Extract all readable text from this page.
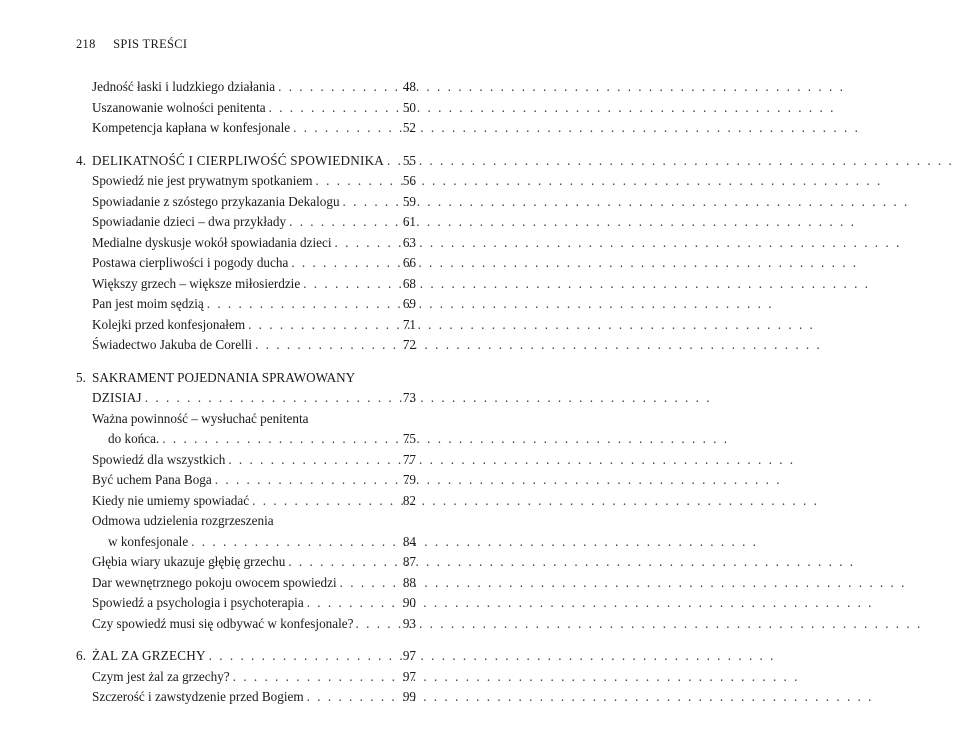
218 SPIS TREŚCI
Jedność łaski i ludzkiego działania . . .	48
Uszanowanie wolności penitenta . . .	50
Kompetencja kapłana w konfesjonale . . .	52
4. DELIKATNOŚĆ I CIERPLIWOŚĆ SPOWIEDNIKA . . . 55
Spowiedź nie jest prywatnym spotkaniem . . .	56
Spowiadanie z szóstego przykazania Dekalogu . . .	59
Spowiadanie dzieci – dwa przykłady . . .	61
Medialne dyskusje wokół spowiadania dzieci . . .	63
Postawa cierpliwości i pogody ducha . . .	66
Większy grzech – większe miłosierdzie . . .	68
Pan jest moim sędzią . . .	69
Kolejki przed konfesjonałem . . .	71
Świadectwo Jakuba de Corelli . . .	72
5. SAKRAMENT POJEDNANIA SPRAWOWANY
DZISIAJ . . .	73
Ważna powinność – wysłuchać penitenta
do końca. . . .	75
Spowiedź dla wszystkich . . .	77
Być uchem Pana Boga . . .	79
Kiedy nie umiemy spowiadać . . .	82
Odmowa udzielenia rozgrzeszenia
w konfesjonale . . .	84
Głębia wiary ukazuje głębię grzechu . . .	87
Dar wewnętrznego pokoju owocem spowiedzi . . .	88
Spowiedź a psychologia i psychoterapia . . .	90
Czy spowiedź musi się odbywać w konfesjonale? . . .	93
6. ŻAL ZA GRZECHY . . .	97
Czym jest żal za grzechy? . . .	97
Szczerość i zawstydzenie przed Bogiem . . .	99
